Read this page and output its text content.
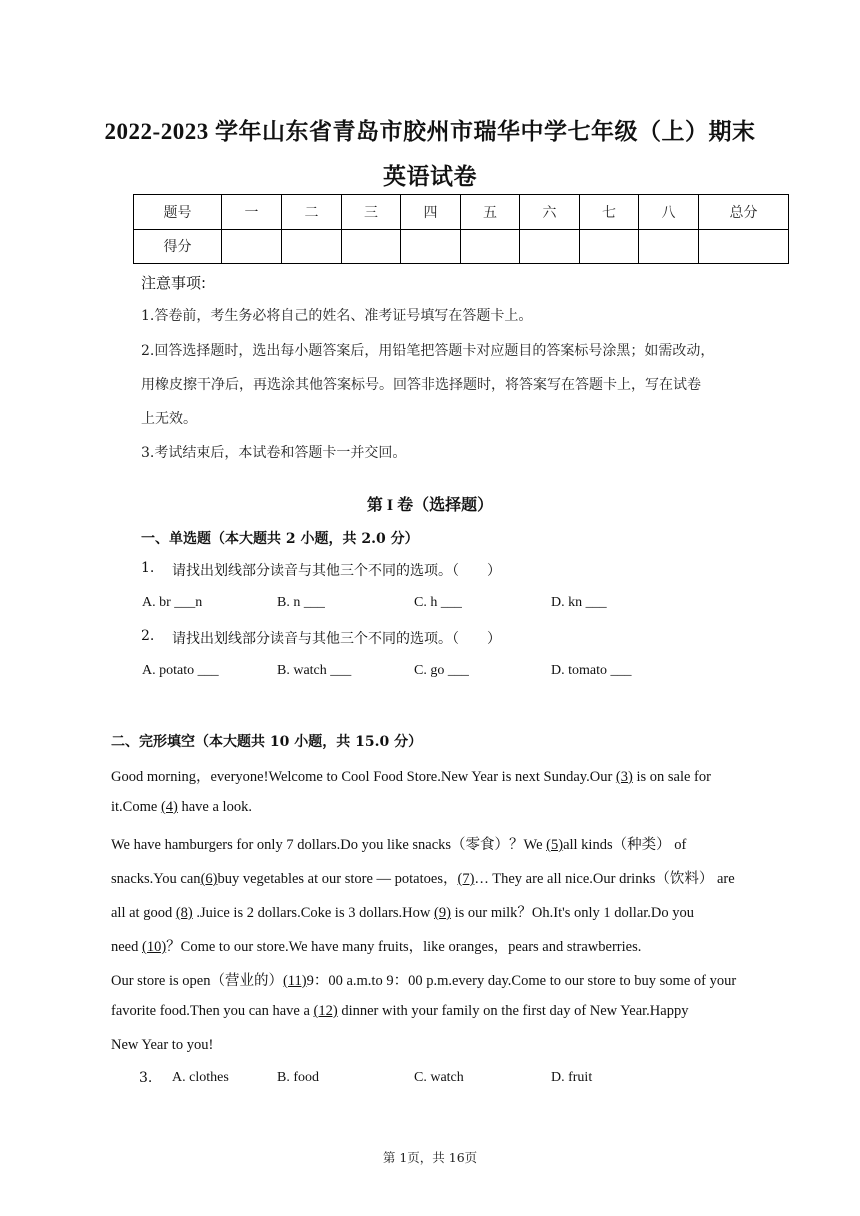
2022-2023 学年山东省青岛市胶州市瑞华中学七年级（上）期末
英语试卷
题号	一	二	三	四	五	六	七	八	总分
得分									
注意事项:
1.答卷前，考生务必将自己的姓名、准考证号填写在答题卡上。
2.回答选择题时，选出每小题答案后，用铅笔把答题卡对应题目的答案标号涂黑；如需改动，
用橡皮擦干净后，再选涂其他答案标号。回答非选择题时，将答案写在答题卡上，写在试卷
上无效。
3.考试结束后，本试卷和答题卡一并交回。
第 I 卷（选择题）
一、单选题（本大题共 2 小题，共 2.0 分）
1. 请找出划线部分读音与其他三个不同的选项。（　　）
A. br ___n	B. n ___	C. h ___	D. kn ___
2. 请找出划线部分读音与其他三个不同的选项。（　　）
A. potato ___	B. watch ___	C. go ___	D. tomato ___
二、完形填空（本大题共 10 小题，共 15.0 分）
Good morning，everyone!Welcome to Cool Food Store.New Year is next Sunday.Our (3) is on sale for
it.Come (4) have a look.
We have hamburgers for only 7 dollars.Do you like snacks（零食）？We (5)all kinds（种类） of
snacks.You can(6)buy vegetables at our store — potatoes，(7)… They are all nice.Our drinks（饮料） are
all at good (8) .Juice is 2 dollars.Coke is 3 dollars.How (9) is our milk？Oh.It's only 1 dollar.Do you
need (10)？Come to our store.We have many fruits，like oranges，pears and strawberries.
Our store is open（营业的）(11)9：00 a.m.to 9：00 p.m.every day.Come to our store to buy some of your
favorite food.Then you can have a (12) dinner with your family on the first day of New Year.Happy
New Year to you!
3. A. clothes	B. food	C. watch	D. fruit
第 1页，共 16页
